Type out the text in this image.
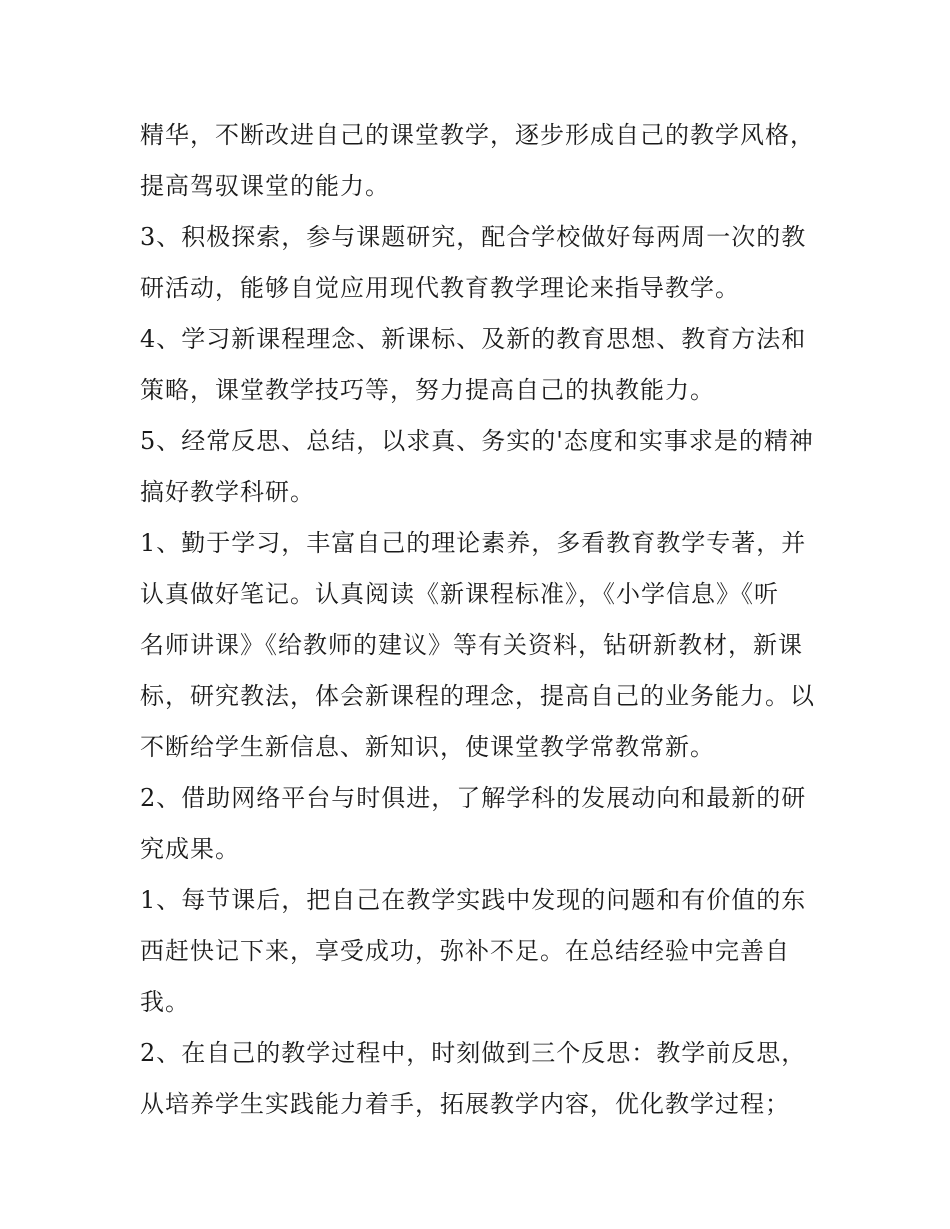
精华，不断改进自己的课堂教学，逐步形成自己的教学风格，
提高驾驭课堂的能力。

3、积极探索，参与课题研究，配合学校做好每两周一次的教
研活动，能够自觉应用现代教育教学理论来指导教学。

4、学习新课程理念、新课标、及新的教育思想、教育方法和
策略，课堂教学技巧等，努力提高自己的执教能力。

5、经常反思、总结，以求真、务实的'态度和实事求是的精神
搞好教学科研。

1、勤于学习，丰富自己的理论素养，多看教育教学专著，并
认真做好笔记。认真阅读《新课程标准》，《小学信息》《听
名师讲课》《给教师的建议》等有关资料，钻研新教材，新课
标，研究教法，体会新课程的理念，提高自己的业务能力。以
不断给学生新信息、新知识，使课堂教学常教常新。

2、借助网络平台与时俱进，了解学科的发展动向和最新的研
究成果。

1、每节课后，把自己在教学实践中发现的问题和有价值的东
西赶快记下来，享受成功，弥补不足。在总结经验中完善自
我。

2、在自己的教学过程中，时刻做到三个反思：教学前反思，
从培养学生实践能力着手，拓展教学内容，优化教学过程；
